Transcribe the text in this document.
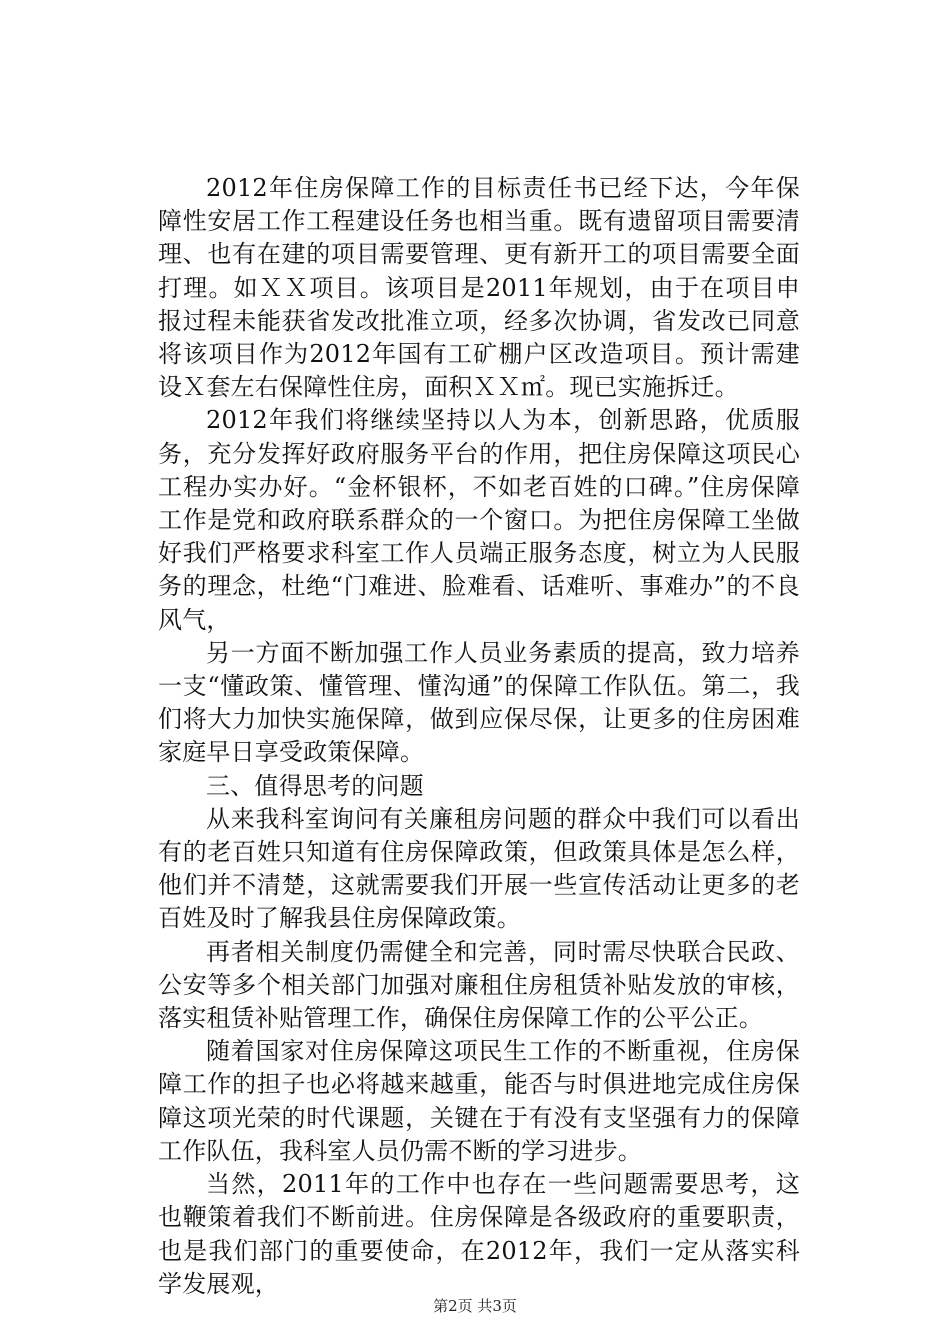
2012年住房保障工作的目标责任书已经下达，今年保障性安居工作工程建设任务也相当重。既有遗留项目需要清理、也有在建的项目需要管理、更有新开工的项目需要全面打理。如ＸＸ项目。该项目是2011年规划，由于在项目申报过程未能获省发改批准立项，经多次协调，省发改已同意将该项目作为2012年国有工矿棚户区改造项目。预计需建设Ｘ套左右保障性住房，面积ＸＸ㎡。现已实施拆迁。

2012年我们将继续坚持以人为本，创新思路，优质服务，充分发挥好政府服务平台的作用，把住房保障这项民心工程办实办好。“金杯银杯，不如老百姓的口碑。”住房保障工作是党和政府联系群众的一个窗口。为把住房保障工坐做好我们严格要求科室工作人员端正服务态度，树立为人民服务的理念，杜绝“门难进、脸难看、话难听、事难办”的不良风气，

另一方面不断加强工作人员业务素质的提高，致力培养一支“懂政策、懂管理、懂沟通”的保障工作队伍。第二，我们将大力加快实施保障，做到应保尽保，让更多的住房困难家庭早日享受政策保障。

三、值得思考的问题

从来我科室询问有关廉租房问题的群众中我们可以看出有的老百姓只知道有住房保障政策，但政策具体是怎么样，他们并不清楚，这就需要我们开展一些宣传活动让更多的老百姓及时了解我县住房保障政策。

再者相关制度仍需健全和完善，同时需尽快联合民政、公安等多个相关部门加强对廉租住房租赁补贴发放的审核，落实租赁补贴管理工作，确保住房保障工作的公平公正。

随着国家对住房保障这项民生工作的不断重视，住房保障工作的担子也必将越来越重，能否与时俱进地完成住房保障这项光荣的时代课题，关键在于有没有支坚强有力的保障工作队伍，我科室人员仍需不断的学习进步。

当然，2011年的工作中也存在一些问题需要思考，这也鞭策着我们不断前进。住房保障是各级政府的重要职责，也是我们部门的重要使命，在2012年，我们一定从落实科学发展观，

第2页 共3页
